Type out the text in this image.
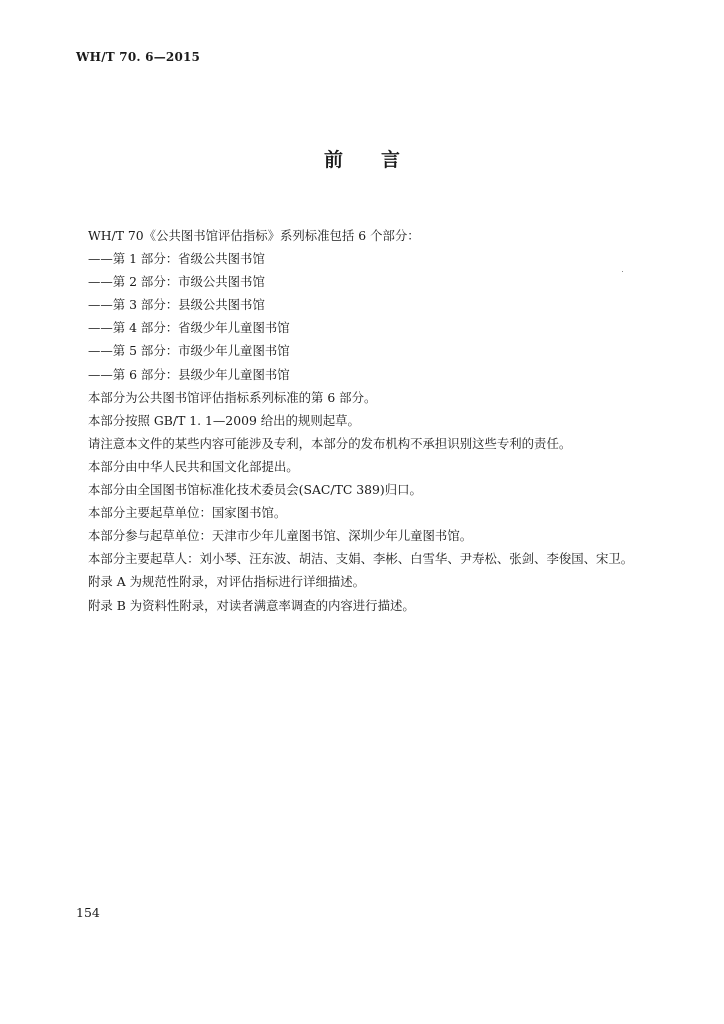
WH/T 70. 6—2015
前 言
WH/T 70《公共图书馆评估指标》系列标准包括 6 个部分：
——第 1 部分：省级公共图书馆
——第 2 部分：市级公共图书馆
——第 3 部分：县级公共图书馆
——第 4 部分：省级少年儿童图书馆
——第 5 部分：市级少年儿童图书馆
——第 6 部分：县级少年儿童图书馆
本部分为公共图书馆评估指标系列标准的第 6 部分。
本部分按照 GB/T 1. 1—2009 给出的规则起草。
请注意本文件的某些内容可能涉及专利，本部分的发布机构不承担识别这些专利的责任。
本部分由中华人民共和国文化部提出。
本部分由全国图书馆标准化技术委员会(SAC/TC 389)归口。
本部分主要起草单位：国家图书馆。
本部分参与起草单位：天津市少年儿童图书馆、深圳少年儿童图书馆。
本部分主要起草人：刘小琴、汪东波、胡洁、支娟、李彬、白雪华、尹寿松、张剑、李俊国、宋卫。
附录 A 为规范性附录，对评估指标进行详细描述。
附录 B 为资料性附录，对读者满意率调查的内容进行描述。
154
